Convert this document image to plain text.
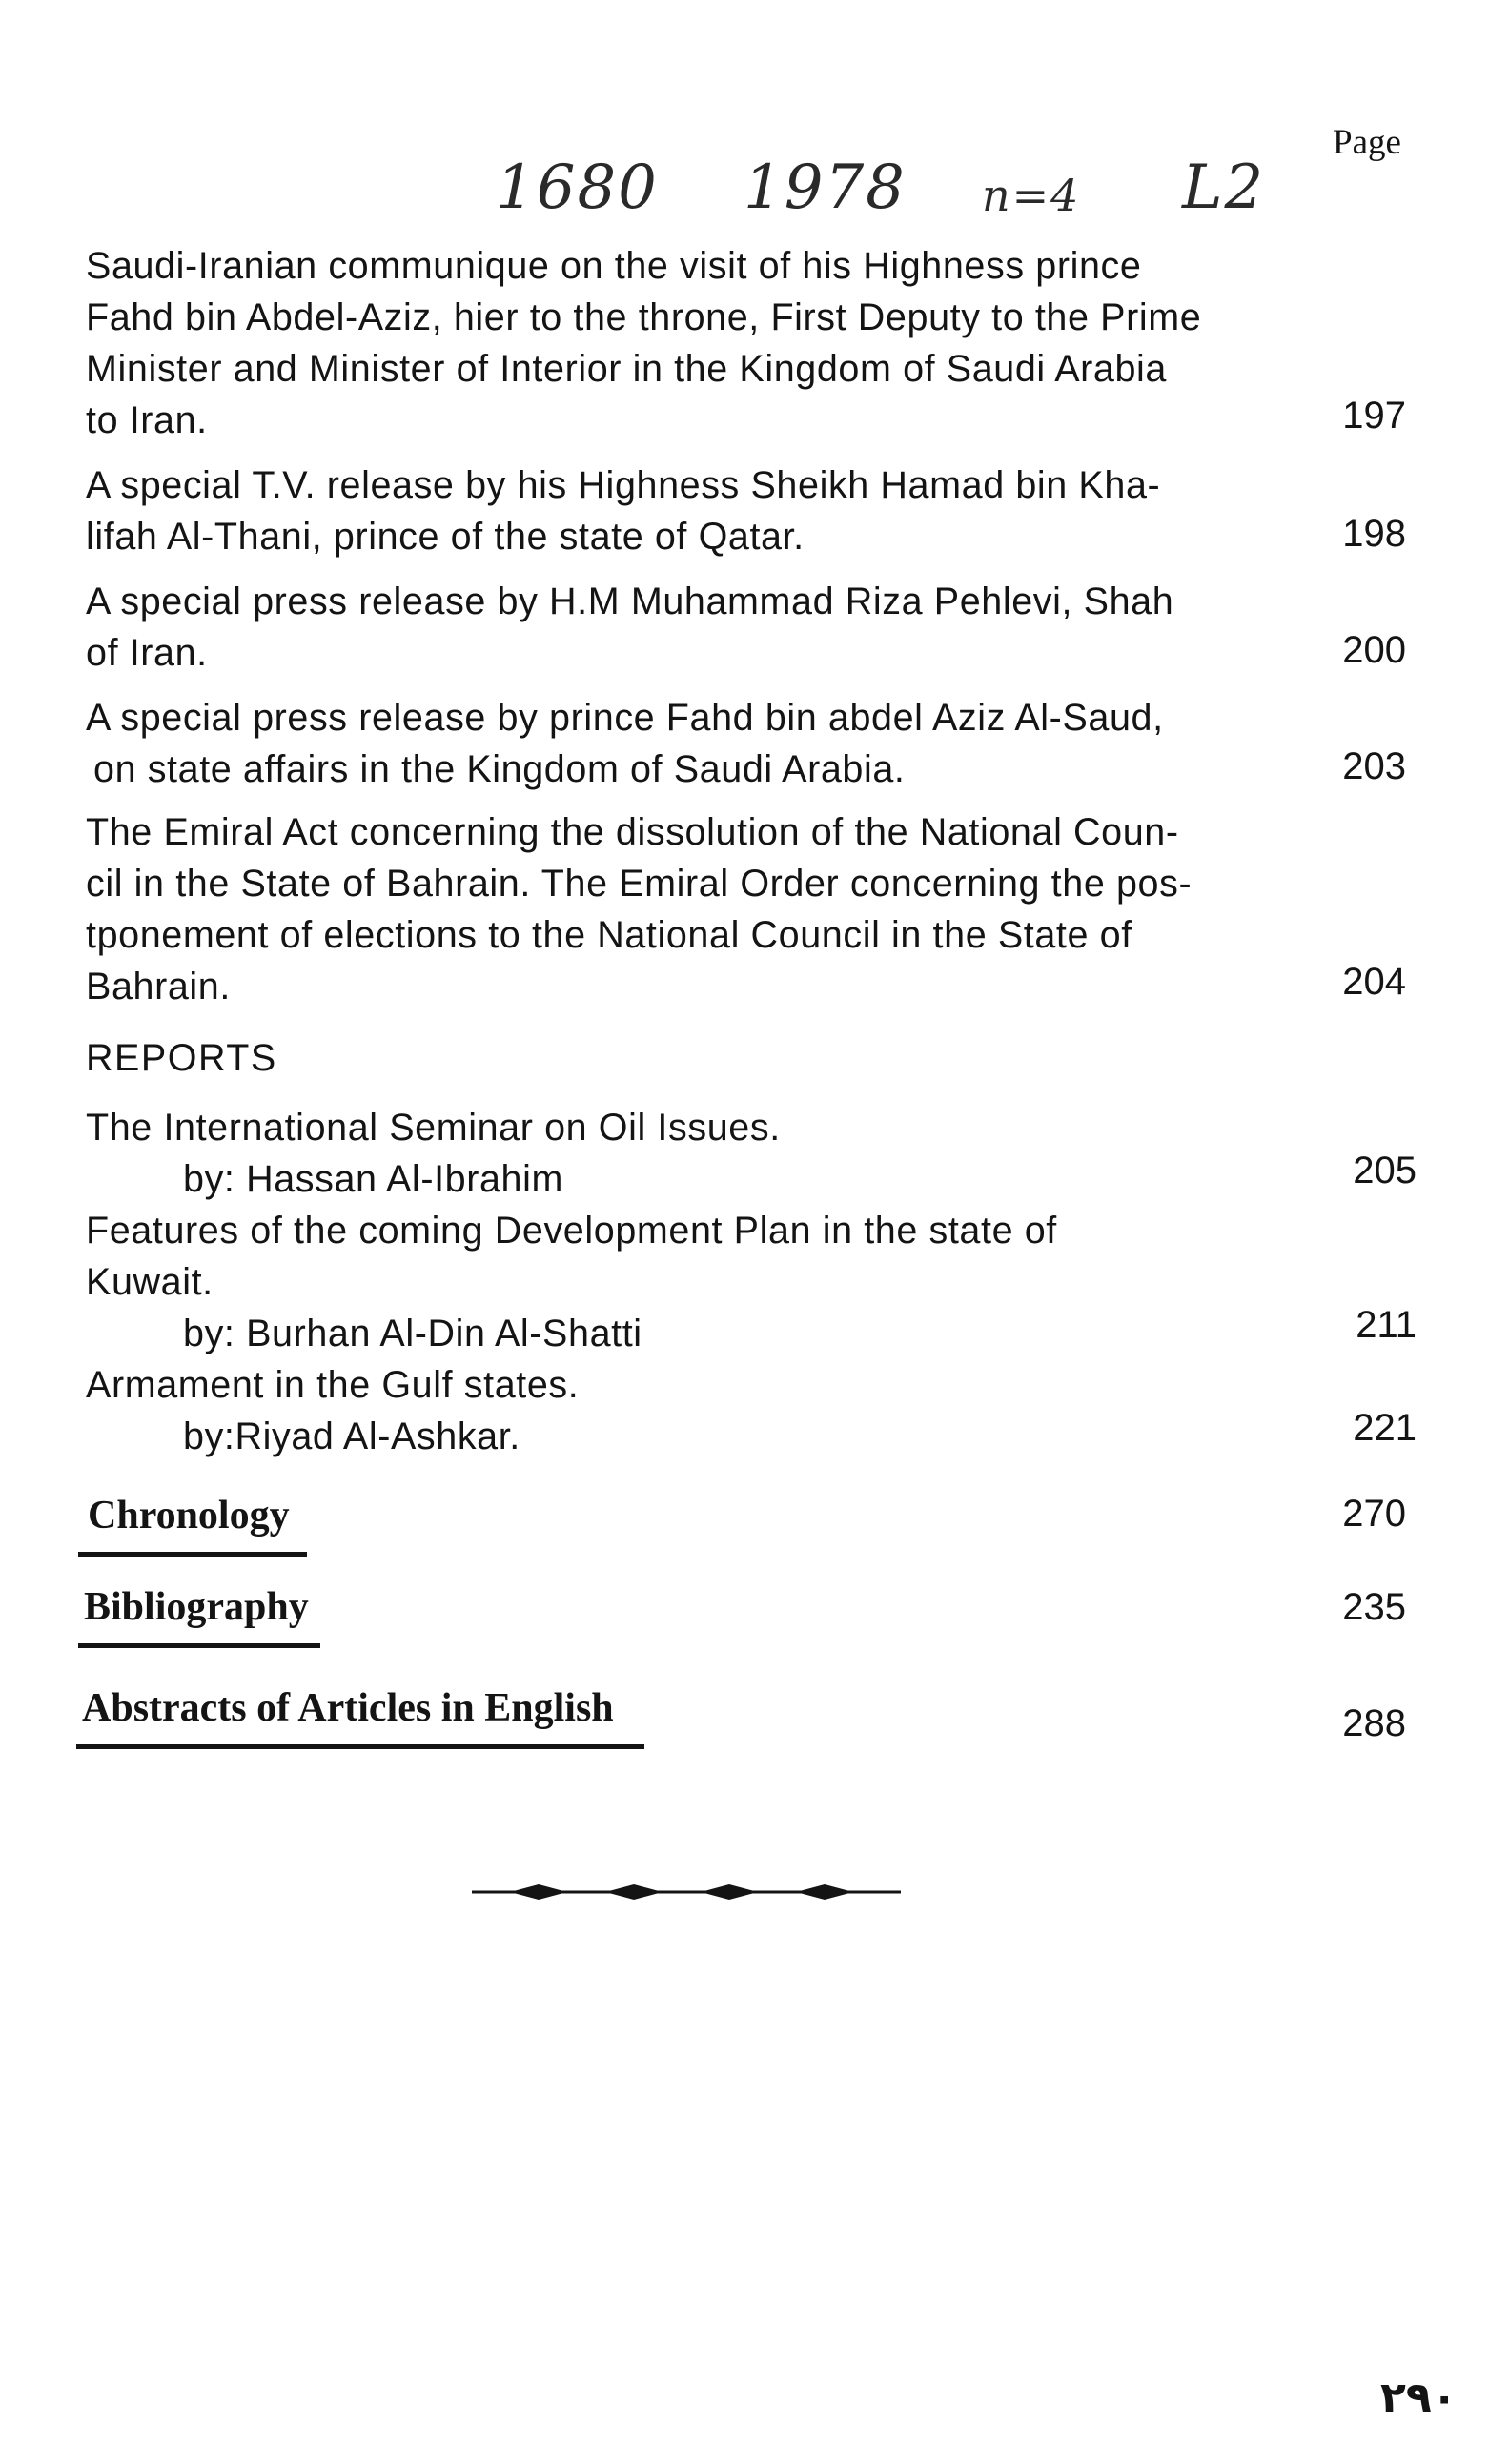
Page
1680 1978 n=4 L2
Saudi-Iranian communique on the visit of his Highness prince
Fahd bin Abdel-Aziz, hier to the throne, First Deputy to the Prime
Minister and Minister of Interior in the Kingdom of Saudi Arabia
to Iran.	197
A special T.V. release by his Highness Sheikh Hamad bin Kha-
lifah Al-Thani, prince of the state of Qatar.	198
A special press release by H.M Muhammad Riza Pehlevi, Shah
of Iran.	200
A special press release by prince Fahd bin abdel Aziz Al-Saud,
on state affairs in the Kingdom of Saudi Arabia.	203
The Emiral Act concerning the dissolution of the National Coun-
cil in the State of Bahrain. The Emiral Order concerning the pos-
tponement of elections to the National Council in the State of
Bahrain.	204
REPORTS
The International Seminar on Oil Issues.
by: Hassan Al-Ibrahim	205
Features of the coming Development Plan in the state of
Kuwait.
by: Burhan Al-Din Al-Shatti	211
Armament in the Gulf states.
by:Riyad Al-Ashkar.	221
Chronology	270
Bibliography	235
Abstracts of Articles in English	288
٢٩٠
